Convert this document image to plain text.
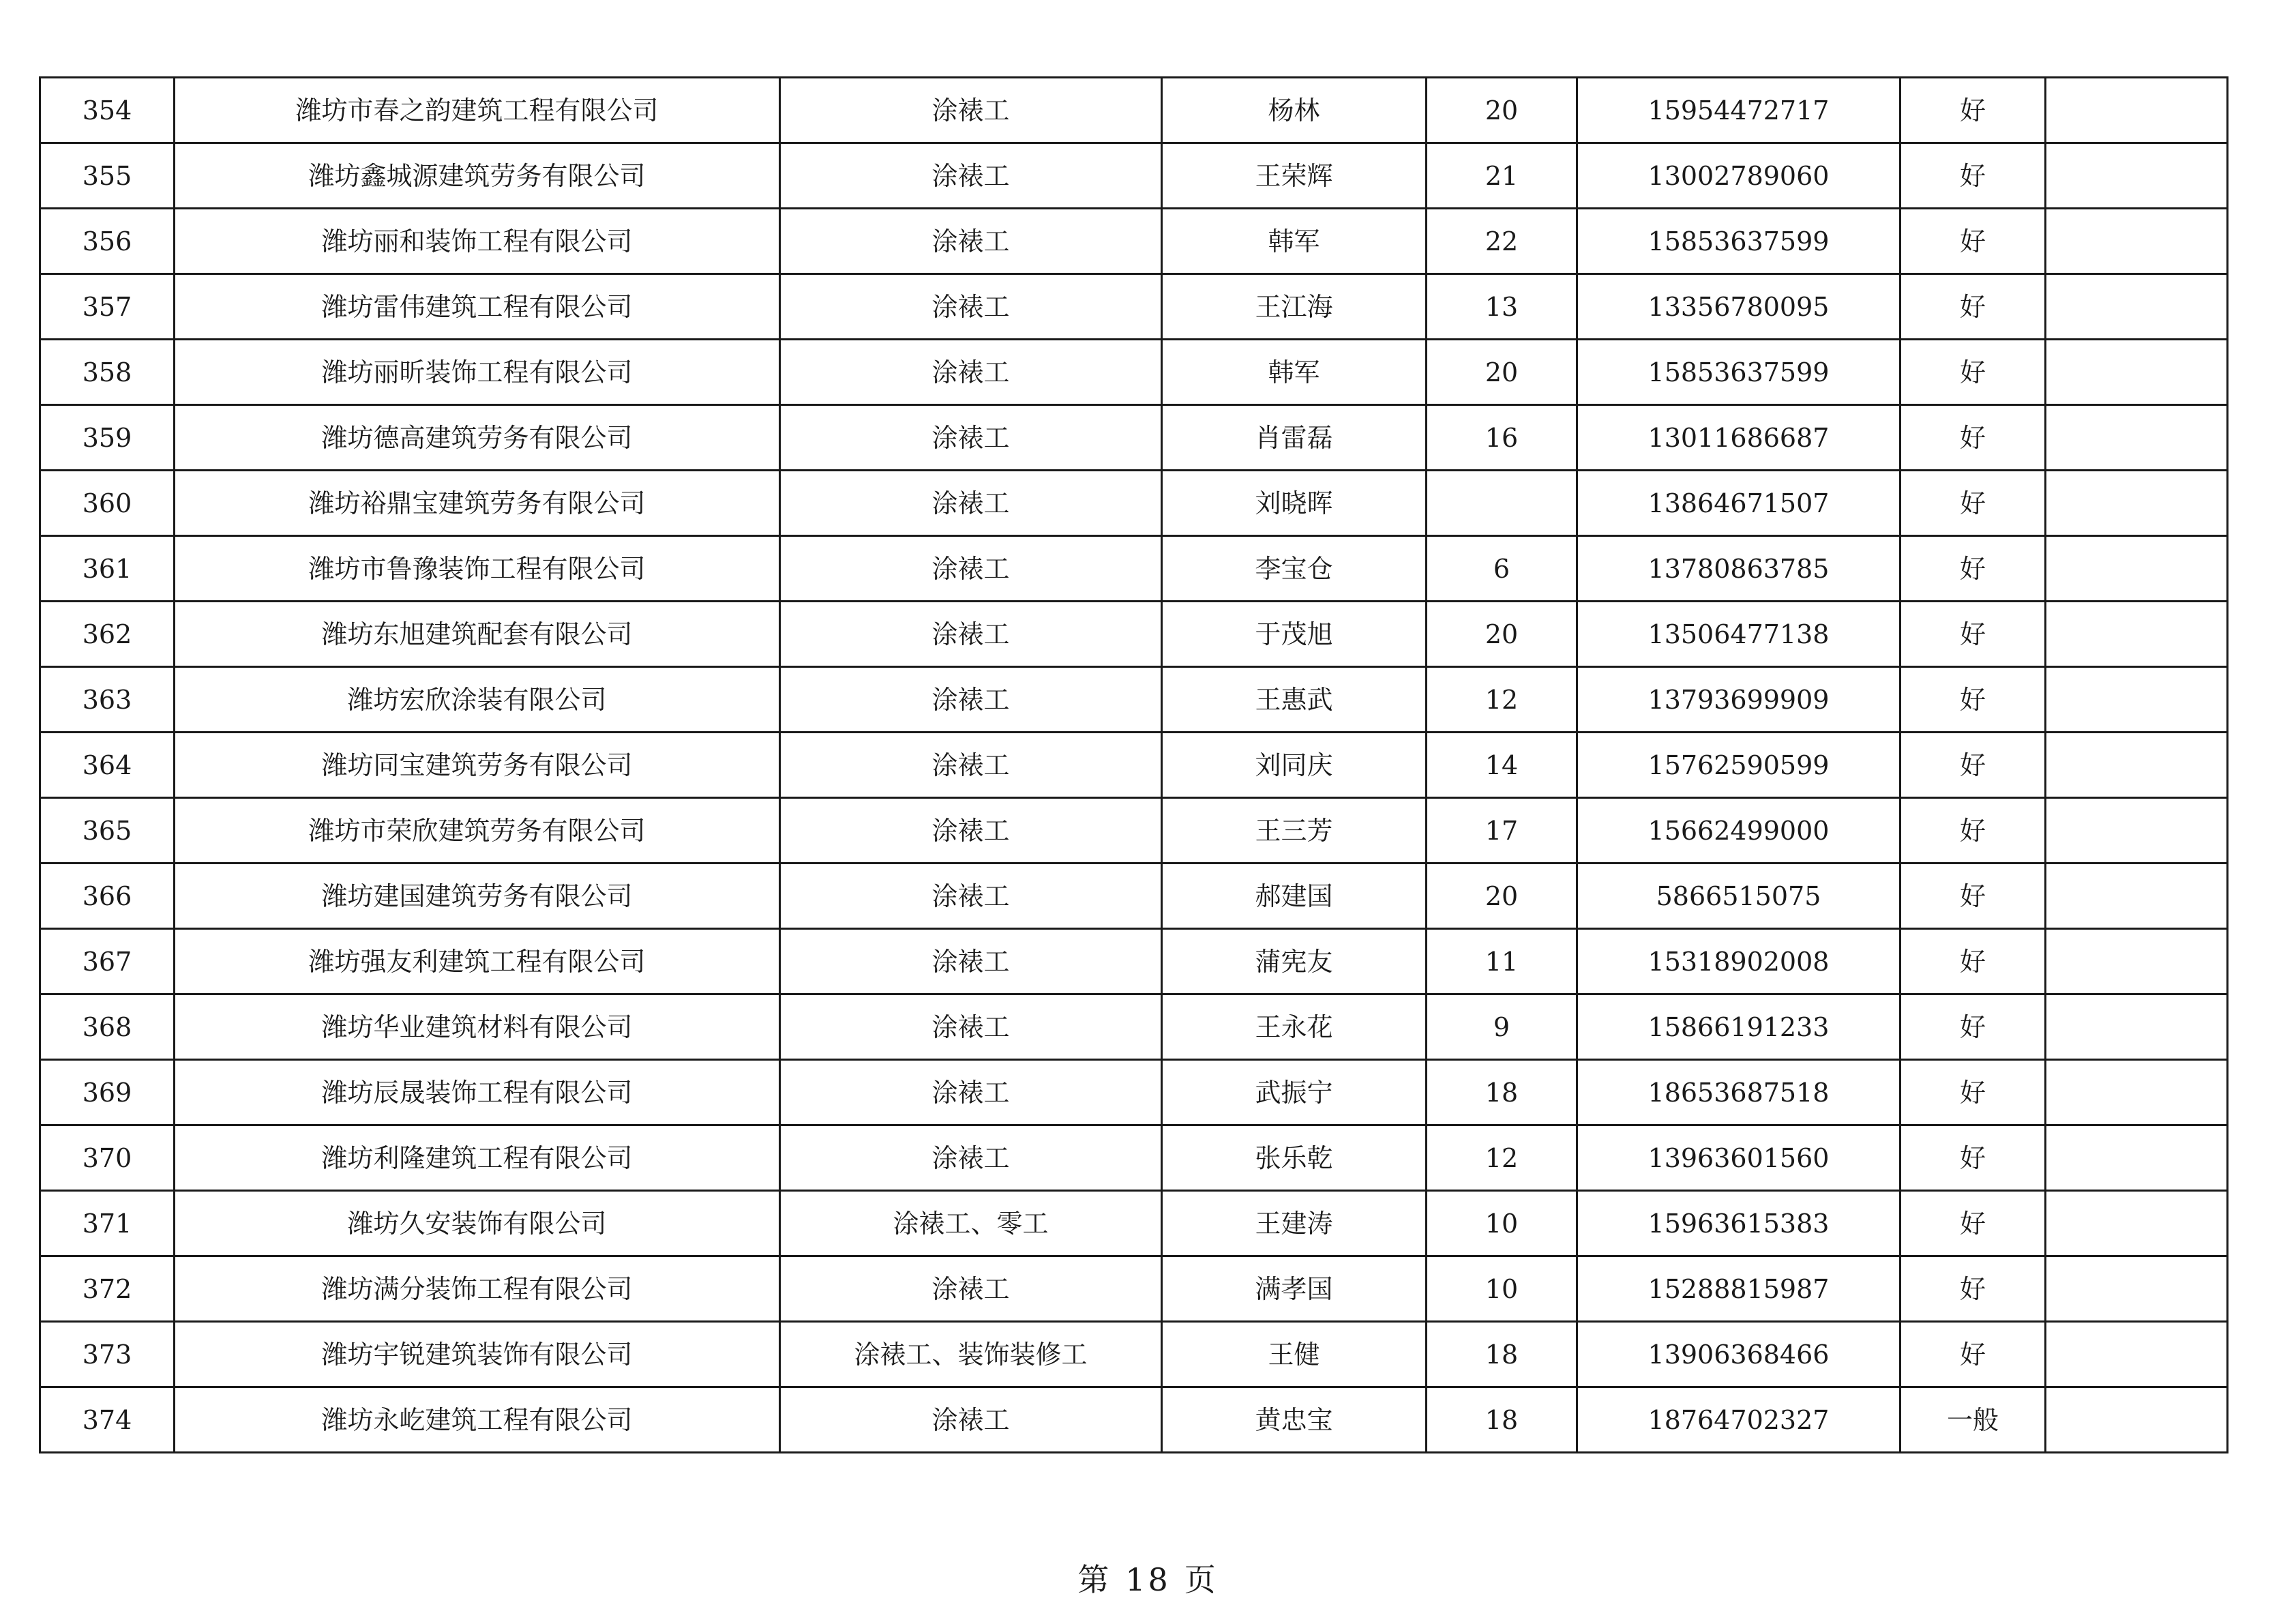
354	潍坊市春之韵建筑工程有限公司	涂裱工	杨林	20	15954472717	好	
355	潍坊鑫城源建筑劳务有限公司	涂裱工	王荣辉	21	13002789060	好	
356	潍坊丽和装饰工程有限公司	涂裱工	韩军	22	15853637599	好	
357	潍坊雷伟建筑工程有限公司	涂裱工	王江海	13	13356780095	好	
358	潍坊丽昕装饰工程有限公司	涂裱工	韩军	20	15853637599	好	
359	潍坊德高建筑劳务有限公司	涂裱工	肖雷磊	16	13011686687	好	
360	潍坊裕鼎宝建筑劳务有限公司	涂裱工	刘晓晖		13864671507	好	
361	潍坊市鲁豫装饰工程有限公司	涂裱工	李宝仓	6	13780863785	好	
362	潍坊东旭建筑配套有限公司	涂裱工	于茂旭	20	13506477138	好	
363	潍坊宏欣涂装有限公司	涂裱工	王惠武	12	13793699909	好	
364	潍坊同宝建筑劳务有限公司	涂裱工	刘同庆	14	15762590599	好	
365	潍坊市荣欣建筑劳务有限公司	涂裱工	王三芳	17	15662499000	好	
366	潍坊建国建筑劳务有限公司	涂裱工	郝建国	20	5866515075	好	
367	潍坊强友利建筑工程有限公司	涂裱工	蒲宪友	11	15318902008	好	
368	潍坊华业建筑材料有限公司	涂裱工	王永花	9	15866191233	好	
369	潍坊辰晟装饰工程有限公司	涂裱工	武振宁	18	18653687518	好	
370	潍坊利隆建筑工程有限公司	涂裱工	张乐乾	12	13963601560	好	
371	潍坊久安装饰有限公司	涂裱工、零工	王建涛	10	15963615383	好	
372	潍坊满分装饰工程有限公司	涂裱工	满孝国	10	15288815987	好	
373	潍坊宇锐建筑装饰有限公司	涂裱工、装饰装修工	王健	18	13906368466	好	
374	潍坊永屹建筑工程有限公司	涂裱工	黄忠宝	18	18764702327	一般	
第 18 页
